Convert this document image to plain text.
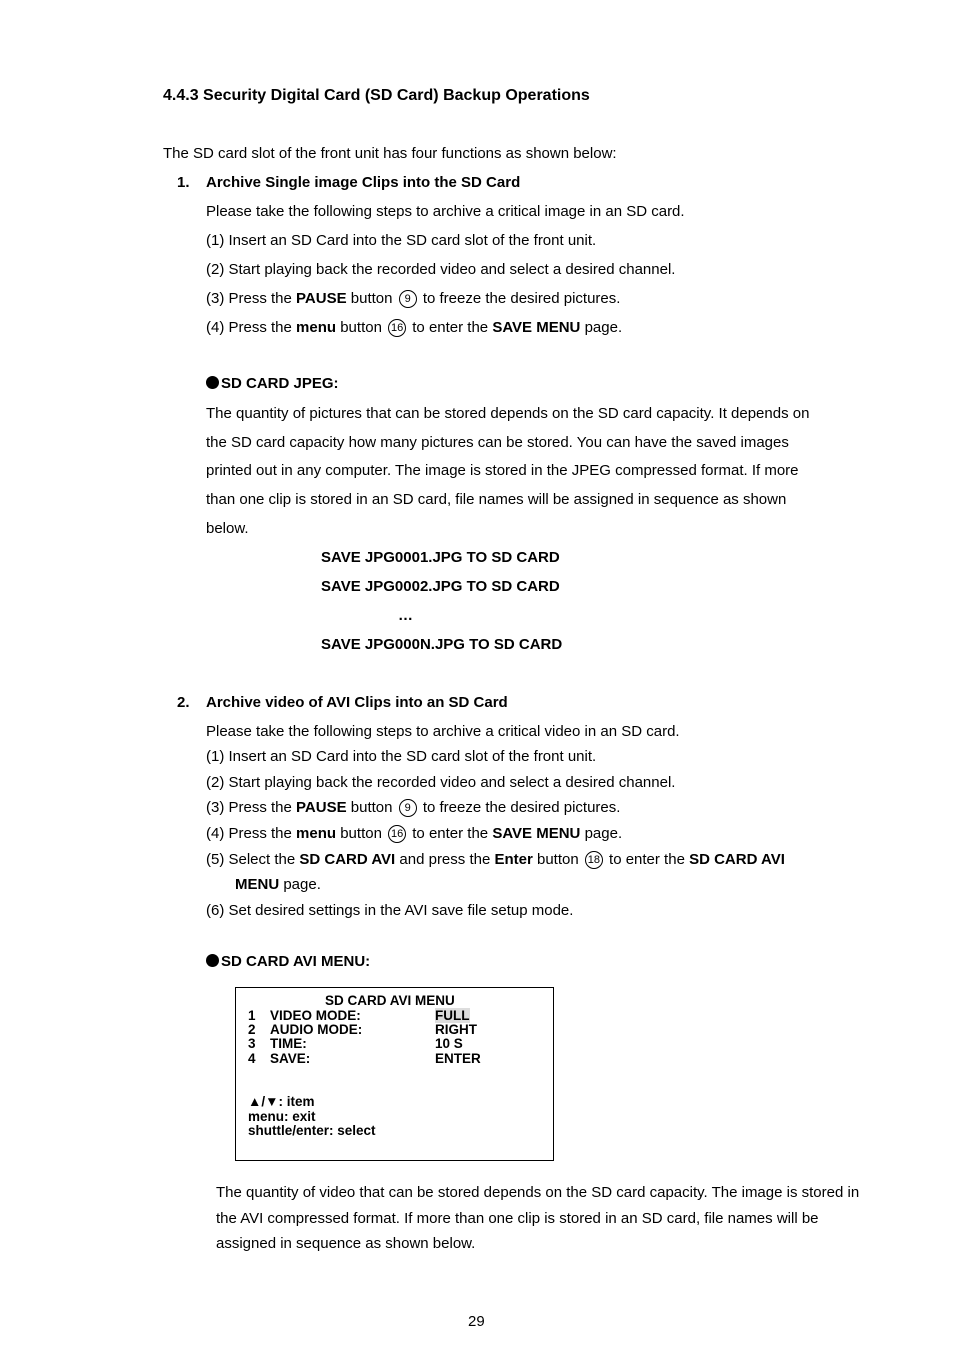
4.4.3 Security Digital Card (SD Card) Backup Operations
The SD card slot of the front unit has four functions as shown below:
1. Archive Single image Clips into the SD Card
Please take the following steps to archive a critical image in an SD card.
(1) Insert an SD Card into the SD card slot of the front unit.
(2) Start playing back the recorded video and select a desired channel.
(3) Press the PAUSE button 9 to freeze the desired pictures.
(4) Press the menu button 16 to enter the SAVE MENU page.
SD CARD JPEG:
The quantity of pictures that can be stored depends on the SD card capacity. It depends on
the SD card capacity how many pictures can be stored. You can have the saved images
printed out in any computer. The image is stored in the JPEG compressed format. If more
than one clip is stored in an SD card, file names will be assigned in sequence as shown
below.
SAVE JPG0001.JPG TO SD CARD
SAVE JPG0002.JPG TO SD CARD
…
SAVE JPG000N.JPG TO SD CARD
2. Archive video of AVI Clips into an SD Card
Please take the following steps to archive a critical video in an SD card.
(1) Insert an SD Card into the SD card slot of the front unit.
(2) Start playing back the recorded video and select a desired channel.
(3) Press the PAUSE button 9 to freeze the desired pictures.
(4) Press the menu button 16 to enter the SAVE MENU page.
(5) Select the SD CARD AVI and press the Enter button 18 to enter the SD CARD AVI
MENU page.
(6) Set desired settings in the AVI save file setup mode.
SD CARD AVI MENU:
SD CARD AVI MENU
1 VIDEO MODE:	FULL
2 AUDIO MODE:	RIGHT
3 TIME:	10 S
4 SAVE:	ENTER
▲/▼: item
menu: exit
shuttle/enter: select
The quantity of video that can be stored depends on the SD card capacity. The image is stored in
the AVI compressed format. If more than one clip is stored in an SD card, file names will be
assigned in sequence as shown below.
29
